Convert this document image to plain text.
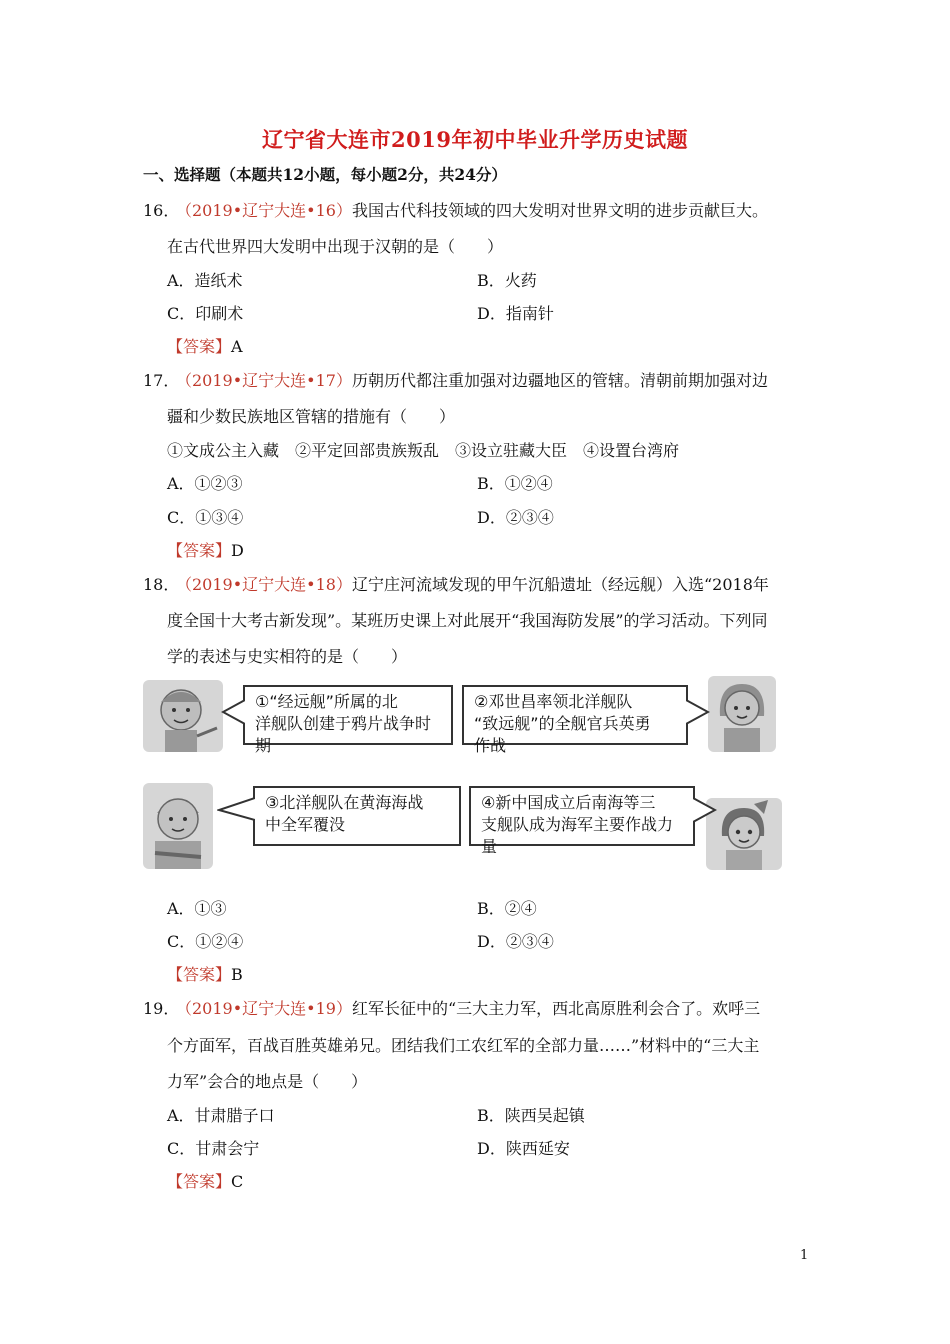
辽宁省大连市2019年初中毕业升学历史试题
一、选择题（本题共12小题，每小题2分，共24分）
16．
（2019•辽宁大连•16）我国古代科技领域的四大发明对世界文明的进步贡献巨大。
在古代世界四大发明中出现于汉朝的是（　　）
A．造纸术	B．火药
C．印刷术	D．指南针
【答案】A
17．
（2019•辽宁大连•17）历朝历代都注重加强对边疆地区的管辖。清朝前期加强对边
疆和少数民族地区管辖的措施有（　　）
①文成公主入藏　②平定回部贵族叛乱　③设立驻藏大臣　④设置台湾府
A．①②③	B．①②④
C．①③④	D．②③④
【答案】D
18．
（2019•辽宁大连•18）辽宁庄河流域发现的甲午沉船遗址（经远舰）入选“2018年
度全国十大考古新发现”。某班历史课上对此展开“我国海防发展”的学习活动。下列同
学的表述与史实相符的是（　　）
①“经远舰”所属的北
洋舰队创建于鸦片战争时
期
②邓世昌率领北洋舰队
“致远舰”的全舰官兵英勇
作战
③北洋舰队在黄海海战
中全军覆没
④新中国成立后南海等三
支舰队成为海军主要作战力
量
A．①③	B．②④
C．①②④	D．②③④
【答案】B
19．
（2019•辽宁大连•19）红军长征中的“三大主力军，西北高原胜利会合了。欢呼三
个方面军，百战百胜英雄弟兄。团结我们工农红军的全部力量……”材料中的“三大主
力军”会合的地点是（　　）
A．甘肃腊子口	B．陕西吴起镇
C．甘肃会宁	D．陕西延安
【答案】C
1
